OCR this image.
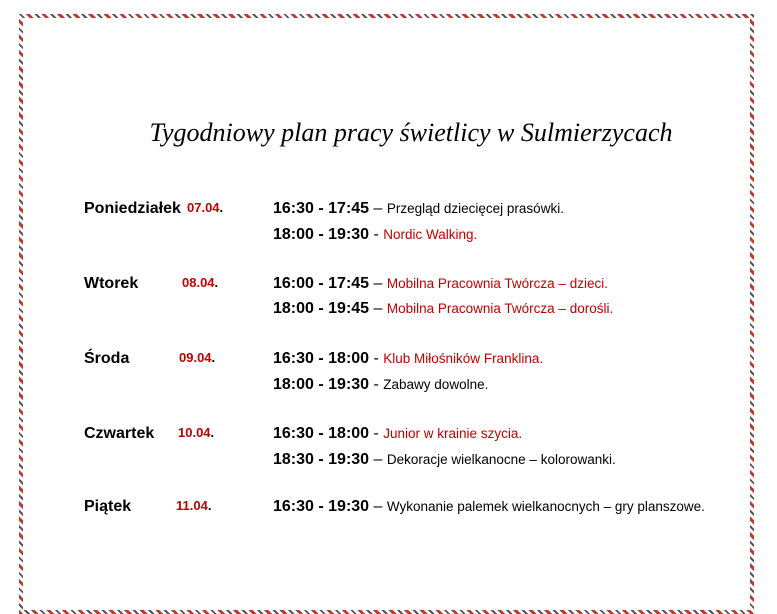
Tygodniowy plan pracy świetlicy w Sulmierzycach
Poniedziałek 07.04.	16:30 - 17:45 – Przegląd dziecięcej prasówki.
18:00 - 19:30 - Nordic Walking.
Wtorek	08.04.	16:00 - 17:45 – Mobilna Pracownia Twórcza – dzieci.
18:00 - 19:45 – Mobilna Pracownia Twórcza – dorośli.
Środa	09.04.	16:30 - 18:00 - Klub Miłośników Franklina.
18:00 - 19:30 - Zabawy dowolne.
Czwartek 10.04.	16:30 - 18:00 - Junior w krainie szycia.
18:30 - 19:30 – Dekoracje wielkanocne – kolorowanki.
Piątek	11.04.	16:30 - 19:30 – Wykonanie palemek wielkanocnych – gry planszowe.
